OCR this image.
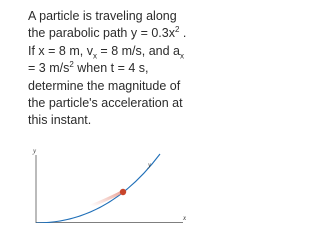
A particle is traveling along
the parabolic path $y = 0.3x^2$ .
If x = 8 m, $v_x = 8$ m/s, and $a_x$
= 3 $m/s^2$ when t = 4 s,
determine the magnitude of
the particle's acceleration at
this instant.

y
x
y
